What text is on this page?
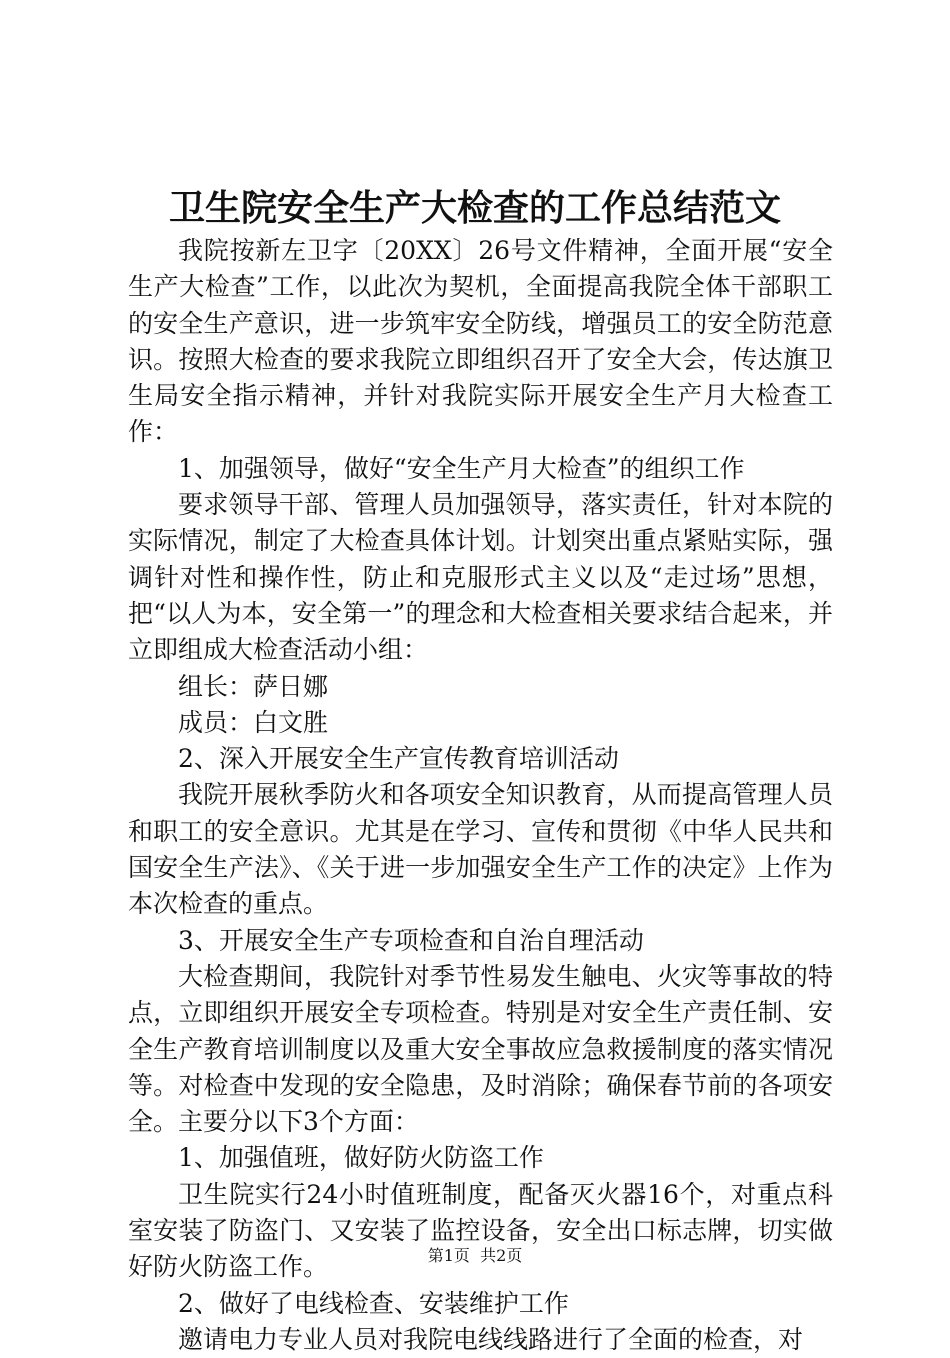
卫生院安全生产大检查的工作总结范文

我院按新左卫字〔20XX〕26号文件精神，全面开展“安全生产大检查”工作，以此次为契机，全面提高我院全体干部职工的安全生产意识，进一步筑牢安全防线，增强员工的安全防范意识。按照大检查的要求我院立即组织召开了安全大会，传达旗卫生局安全指示精神，并针对我院实际开展安全生产月大检查工作：

1、加强领导，做好“安全生产月大检查”的组织工作

要求领导干部、管理人员加强领导，落实责任，针对本院的实际情况，制定了大检查具体计划。计划突出重点紧贴实际，强调针对性和操作性，防止和克服形式主义以及“走过场”思想，把“以人为本，安全第一”的理念和大检查相关要求结合起来，并立即组成大检查活动小组：

组长：萨日娜

成员：白文胜

2、深入开展安全生产宣传教育培训活动

我院开展秋季防火和各项安全知识教育，从而提高管理人员和职工的安全意识。尤其是在学习、宣传和贯彻《中华人民共和国安全生产法》、《关于进一步加强安全生产工作的决定》上作为本次检查的重点。

3、开展安全生产专项检查和自治自理活动

大检查期间，我院针对季节性易发生触电、火灾等事故的特点，立即组织开展安全专项检查。特别是对安全生产责任制、安全生产教育培训制度以及重大安全事故应急救援制度的落实情况等。对检查中发现的安全隐患，及时消除；确保春节前的各项安全。主要分以下3个方面：

1、加强值班，做好防火防盗工作

卫生院实行24小时值班制度，配备灭火器16个，对重点科室安装了防盗门、又安装了监控设备，安全出口标志牌，切实做好防火防盗工作。

2、做好了电线检查、安装维护工作

邀请电力专业人员对我院电线线路进行了全面的检查，对

第1页 共2页
